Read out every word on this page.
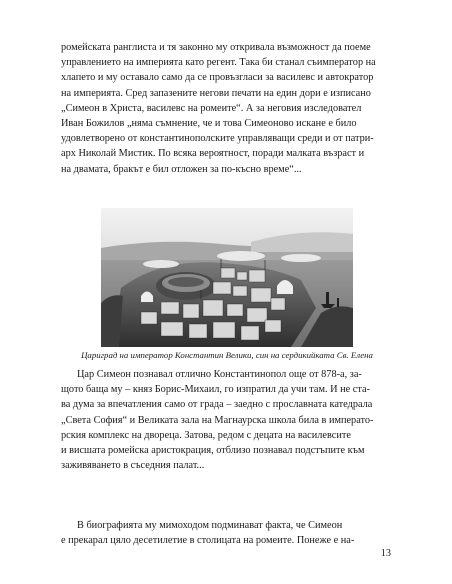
ромейската ранглиста и тя законно му откривала възможност да поеме
управлението на империята като регент. Така би станал съимператор на
хлапето и му оставало само да се провъзгласи за василевс и автократор
на империята. Сред запазените негови печати на един дори е изписано
„Симеон в Христа, василевс на ромеите“. А за неговия изследовател
Иван Божилов „няма съмнение, че и това Симеоново искане е било
удовлетворено от константинополските управляващи среди и от патри-
арх Николай Мистик. По всяка вероятност, поради малката възраст и
на двамата, бракът е бил отложен за по-късно време“...

Цариград на император Константин Велики, син на сердикийката Св. Елена

Цар Симеон познавал отлично Константинопол още от 878-а, за-
щото баща му – княз Борис-Михаил, го изпратил да учи там. И не ста-
ва дума за впечатления само от града – заедно с прославната катедрала
„Света София“ и Великата зала на Магнаурска школа била в императо-
рския комплекс на двореца. Затова, редом с децата на василевсите
и висшата ромейска аристокрация, отблизо познавал подстъпите към
заживяването в съседния палат...

В биографията му мимоходом подминават факта, че Симеон
е прекарал цяло десетилетие в столицата на ромеите. Понеже е на-

13
